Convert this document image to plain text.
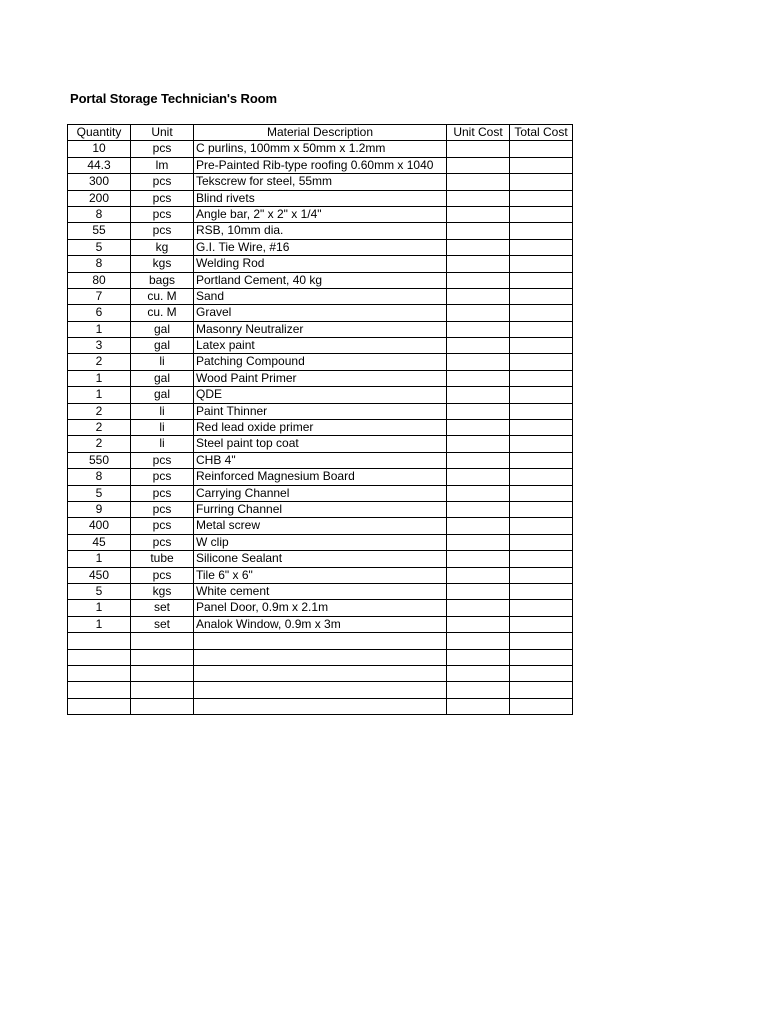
Portal Storage Technician's Room
Quantity	Unit	Material Description	Unit Cost	Total Cost
10	pcs	C purlins, 100mm x 50mm x 1.2mm		
44.3	lm	Pre-Painted Rib-type roofing 0.60mm x 1040		
300	pcs	Tekscrew for steel, 55mm		
200	pcs	Blind rivets		
8	pcs	Angle bar, 2" x 2" x 1/4"		
55	pcs	RSB, 10mm dia.		
5	kg	G.I. Tie Wire, #16		
8	kgs	Welding Rod		
80	bags	Portland Cement, 40 kg		
7	cu. M	Sand		
6	cu. M	Gravel		
1	gal	Masonry Neutralizer		
3	gal	Latex paint		
2	li	Patching Compound		
1	gal	Wood Paint Primer		
1	gal	QDE		
2	li	Paint Thinner		
2	li	Red lead oxide primer		
2	li	Steel paint top coat		
550	pcs	CHB 4"		
8	pcs	Reinforced Magnesium Board		
5	pcs	Carrying Channel		
9	pcs	Furring Channel		
400	pcs	Metal screw		
45	pcs	W clip		
1	tube	Silicone Sealant		
450	pcs	Tile 6" x 6"		
5	kgs	White cement		
1	set	Panel Door, 0.9m x 2.1m		
1	set	Analok Window, 0.9m x 3m		
